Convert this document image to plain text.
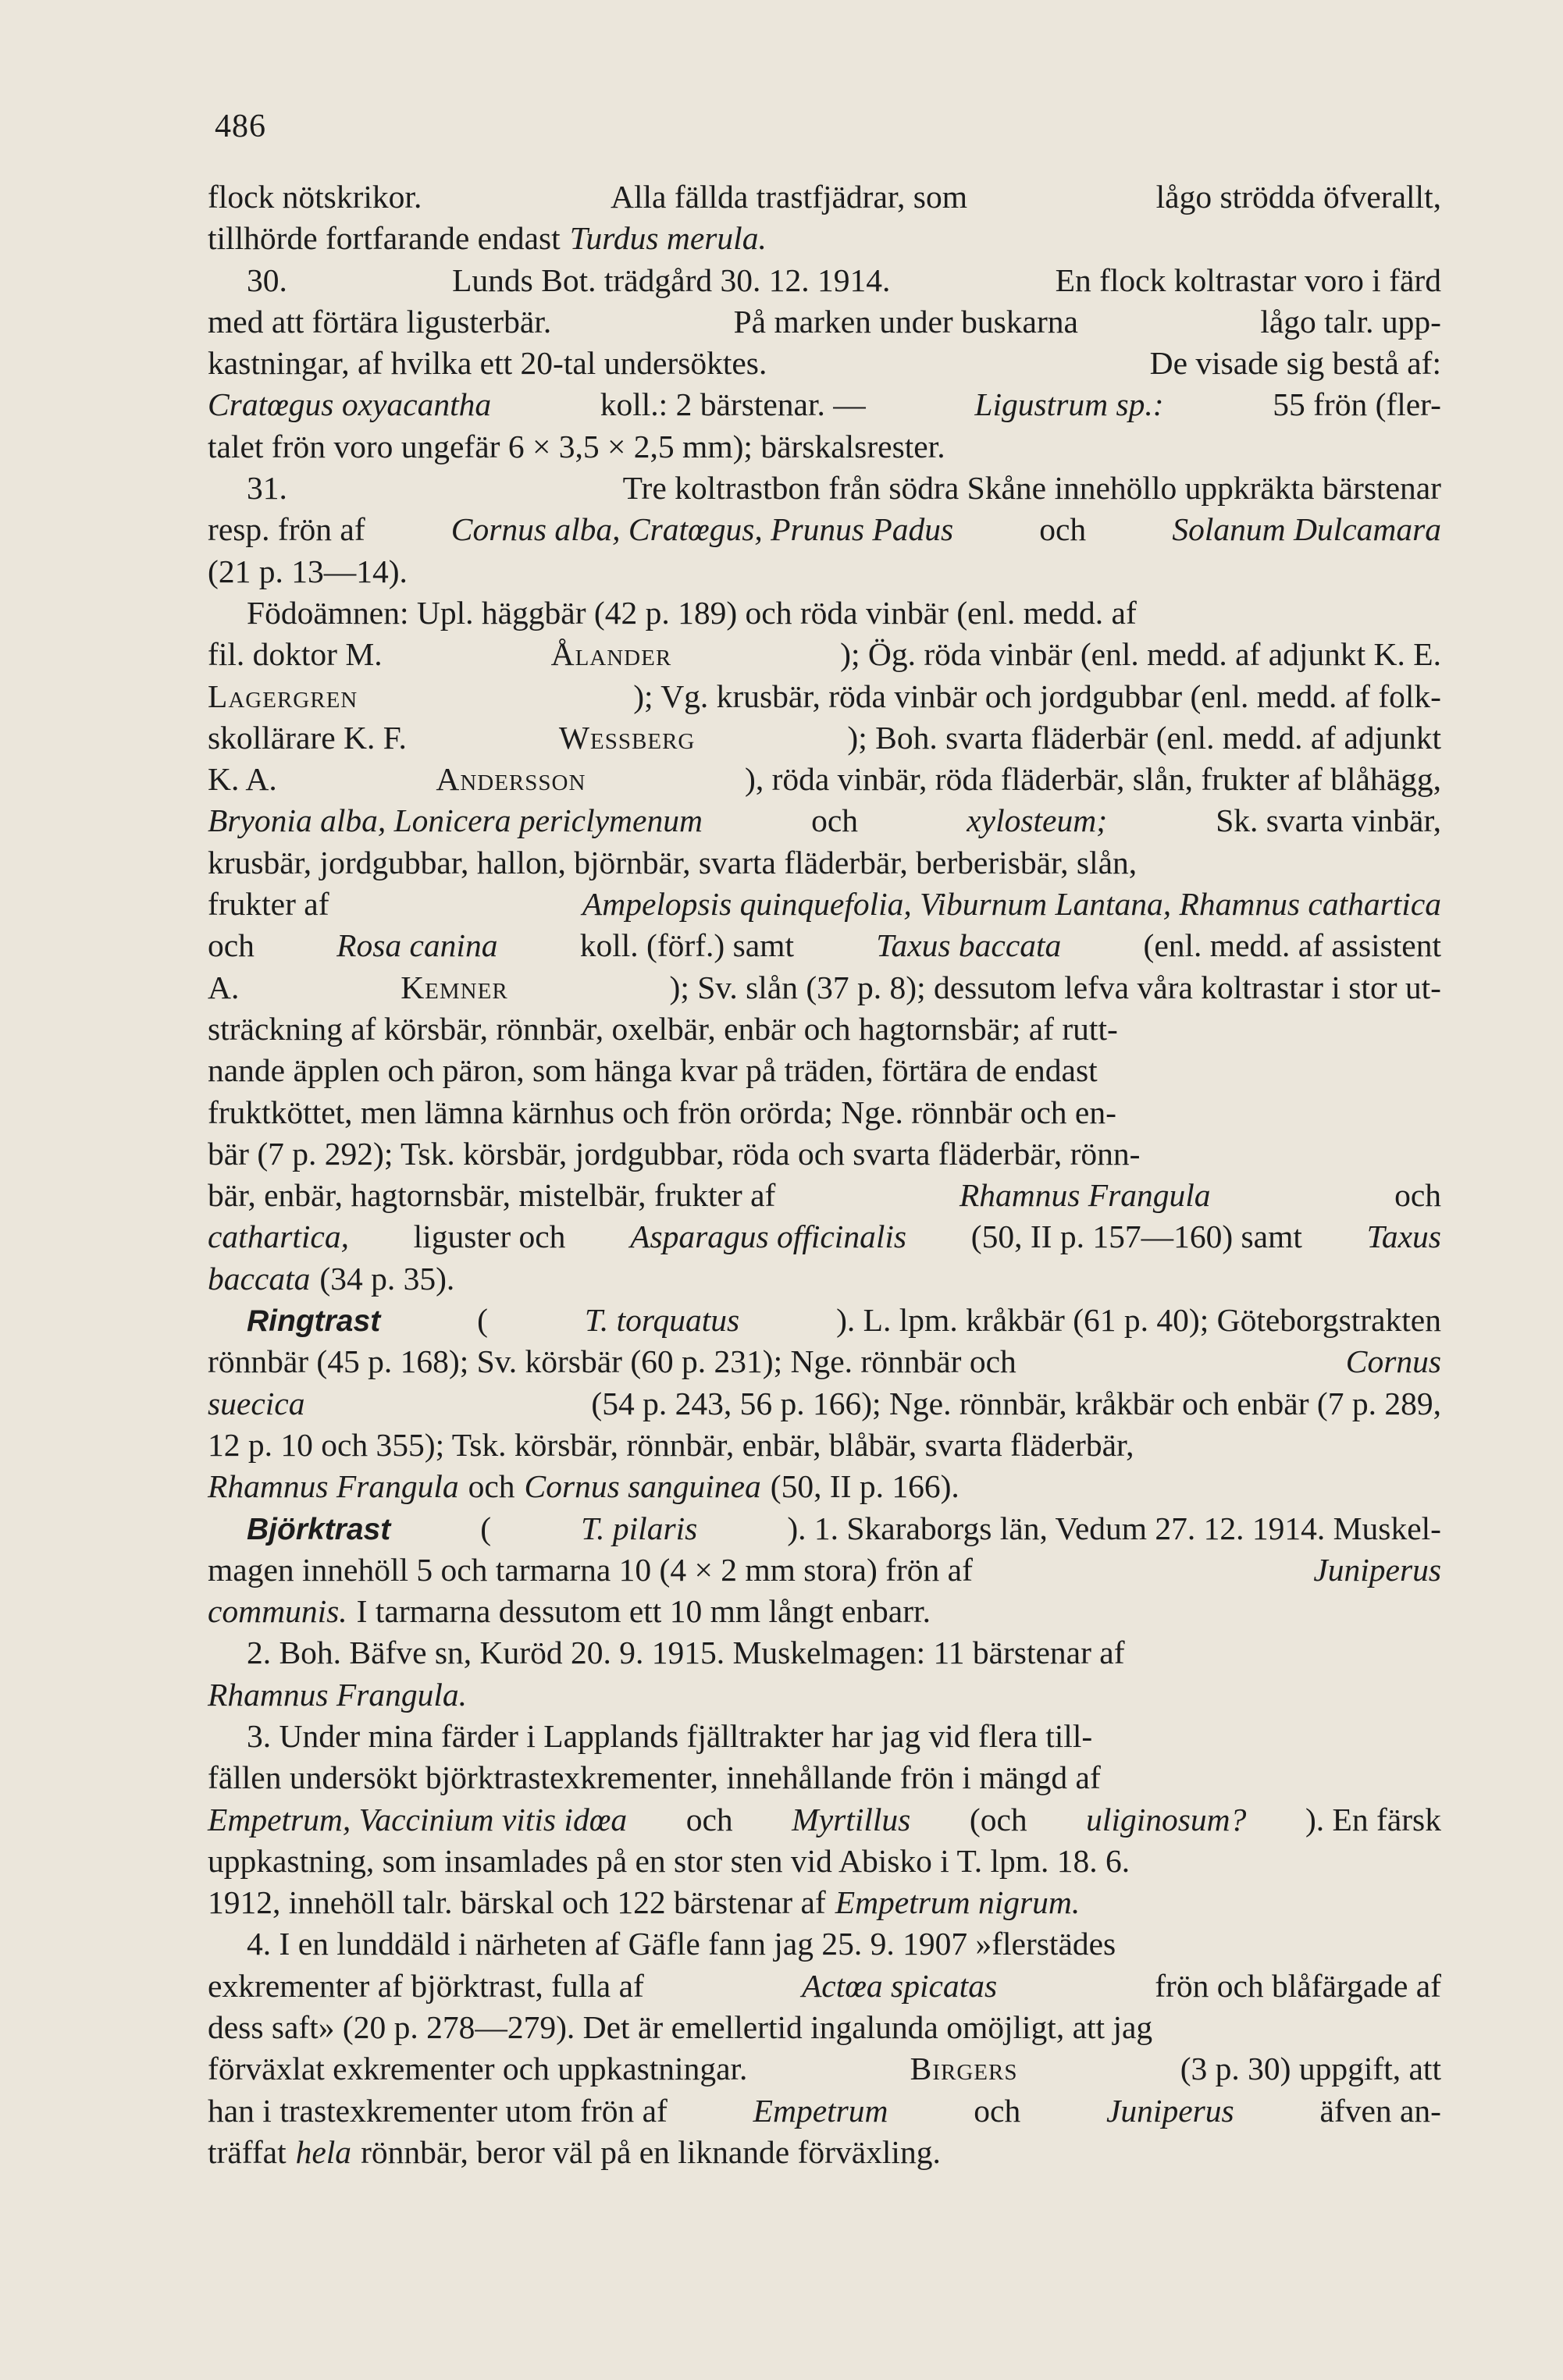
486
flock nötskrikor.	Alla fällda trastfjädrar, som	lågo strödda öfverallt,
tillhörde fortfarande endast Turdus merula.
30.	Lunds Bot. trädgård 30. 12. 1914.	En flock koltrastar voro i färd
med att förtära ligusterbär.	På marken under buskarna	lågo talr. upp-
kastningar, af hvilka ett 20-tal undersöktes.	De visade sig bestå af:
Cratœgus oxyacantha	koll.: 2 bärstenar. —	Ligustrum sp.:	55 frön (fler-
talet frön voro ungefär 6 × 3,5 × 2,5 mm); bärskalsrester.
31.	Tre koltrastbon från södra Skåne innehöllo uppkräkta bärstenar
resp. frön af	Cornus alba, Cratœgus, Prunus Padus	och	Solanum Dulcamara
(21 p. 13—14).
Födoämnen: Upl. häggbär (42 p. 189) och röda vinbär (enl. medd. af
fil. doktor M.	Ålander	); Ög. röda vinbär (enl. medd. af adjunkt K. E.
Lagergren	); Vg. krusbär, röda vinbär och jordgubbar (enl. medd. af folk-
skollärare K. F.	Wessberg	); Boh. svarta fläderbär (enl. medd. af adjunkt
K. A.	Andersson	), röda vinbär, röda fläderbär, slån, frukter af blåhägg,
Bryonia alba, Lonicera periclymenum	och	xylosteum;	Sk. svarta vinbär,
krusbär, jordgubbar, hallon, björnbär, svarta fläderbär, berberisbär, slån,
frukter af	Ampelopsis quinquefolia, Viburnum Lantana, Rhamnus cathartica
och	Rosa canina	koll. (förf.) samt	Taxus baccata	(enl. medd. af assistent
A.	Kemner	); Sv. slån (37 p. 8); dessutom lefva våra koltrastar i stor ut-
sträckning af körsbär, rönnbär, oxelbär, enbär och hagtornsbär; af rutt-
nande äpplen och päron, som hänga kvar på träden, förtära de endast
fruktköttet, men lämna kärnhus och frön orörda; Nge. rönnbär och en-
bär (7 p. 292); Tsk. körsbär, jordgubbar, röda och svarta fläderbär, rönn-
bär, enbär, hagtornsbär, mistelbär, frukter af	Rhamnus Frangula	och
cathartica, liguster och Asparagus officinalis (50, II p. 157—160) samt Taxus
baccata (34 p. 35).
Ringtrast	(	T. torquatus	). L. lpm. kråkbär (61 p. 40); Göteborgstrakten
rönnbär (45 p. 168); Sv. körsbär (60 p. 231); Nge. rönnbär och	Cornus
suecica	(54 p. 243, 56 p. 166); Nge. rönnbär, kråkbär och enbär (7 p. 289,
12 p. 10 och 355); Tsk. körsbär, rönnbär, enbär, blåbär, svarta fläderbär,
Rhamnus Frangula och Cornus sanguinea (50, II p. 166).
Björktrast	(	T. pilaris	). 1. Skaraborgs län, Vedum 27. 12. 1914. Muskel-
magen innehöll 5 och tarmarna 10 (4 × 2 mm stora) frön af	Juniperus
communis. I tarmarna dessutom ett 10 mm långt enbarr.
2. Boh. Bäfve sn, Kuröd 20. 9. 1915. Muskelmagen: 11 bärstenar af
Rhamnus Frangula.
3. Under mina färder i Lapplands fjälltrakter har jag vid flera till-
fällen undersökt björktrastexkrementer, innehållande frön i mängd af
Empetrum, Vaccinium vitis idœa och Myrtillus (och uliginosum? ). En färsk
uppkastning, som insamlades på en stor sten vid Abisko i T. lpm. 18. 6.
1912, innehöll talr. bärskal och 122 bärstenar af Empetrum nigrum.
4. I en lunddäld i närheten af Gäfle fann jag 25. 9. 1907 »flerstädes
exkrementer af björktrast, fulla af	Actœa spicatas	frön och blåfärgade af
dess saft» (20 p. 278—279). Det är emellertid ingalunda omöjligt, att jag
förväxlat exkrementer och uppkastningar.	Birgers	(3 p. 30) uppgift, att
han i trastexkrementer utom frön af	Empetrum	och	Juniperus	äfven an-
träffat hela rönnbär, beror väl på en liknande förväxling.
